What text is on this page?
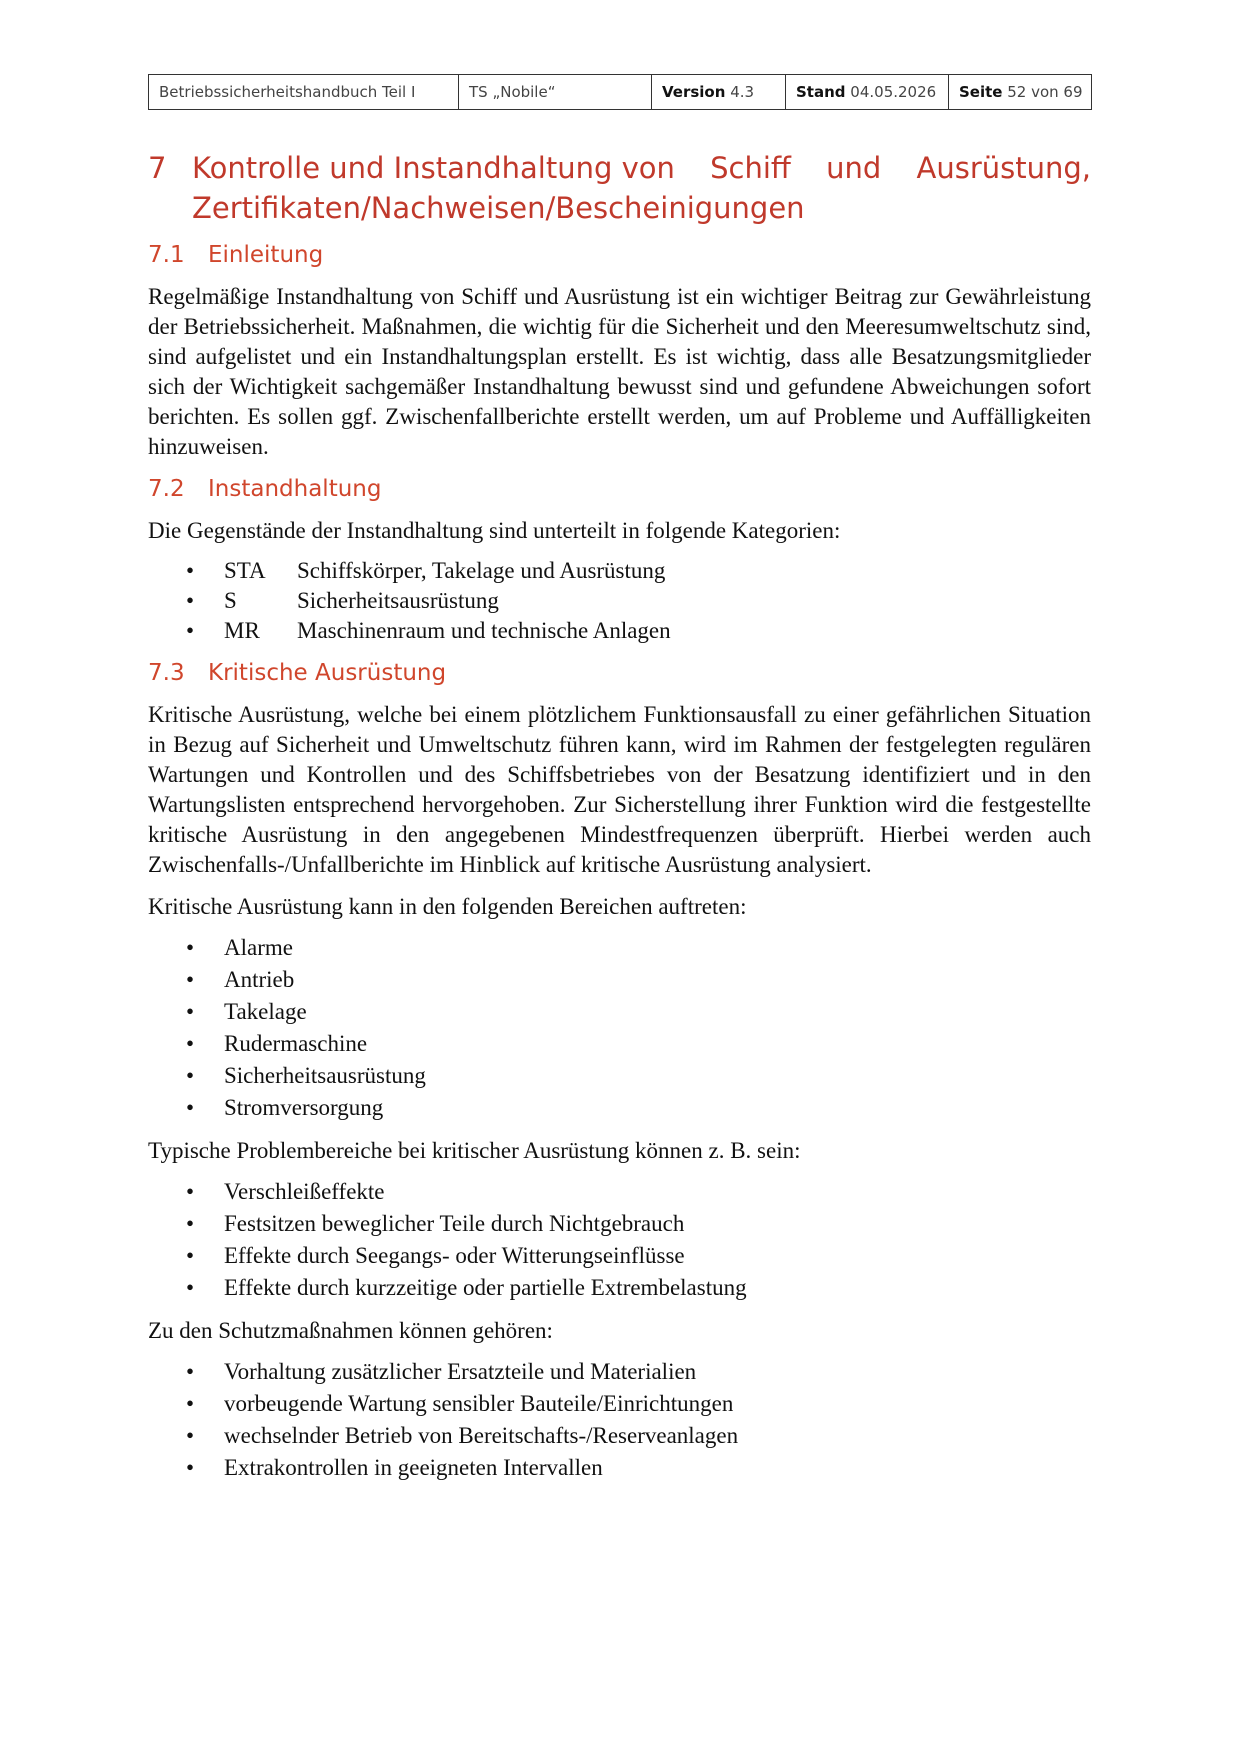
Betriebssicherheitshandbuch Teil I	TS „Nobile“	Version 4.3	Stand 04.05.2026	Seite 52 von 69
7 Kontrolle und Instandhaltung von Schiff und Ausrüstung,
Zertifikaten/Nachweisen/Bescheinigungen
7.1	Einleitung

Regelmäßige Instandhaltung von Schiff und Ausrüstung ist ein wichtiger Beitrag zur Gewährleistung der Betriebssicherheit. Maßnahmen, die wichtig für die Sicherheit und den Meeresumweltschutz sind, sind aufgelistet und ein Instandhaltungsplan erstellt. Es ist wichtig, dass alle Besatzungsmitglieder sich der Wichtigkeit sachgemäßer Instandhaltung bewusst sind und gefundene Abweichungen sofort berichten. Es sollen ggf. Zwischenfallberichte erstellt werden, um auf Probleme und Auffälligkeiten hinzuweisen.

7.2	Instandhaltung

Die Gegenstände der Instandhaltung sind unterteilt in folgende Kategorien:

•	STA	Schiffskörper, Takelage und Ausrüstung
•	S	Sicherheitsausrüstung
•	MR	Maschinenraum und technische Anlagen
7.3	Kritische Ausrüstung

Kritische Ausrüstung, welche bei einem plötzlichem Funktionsausfall zu einer gefährlichen Situation in Bezug auf Sicherheit und Umweltschutz führen kann, wird im Rahmen der festgelegten regulären Wartungen und Kontrollen und des Schiffsbetriebes von der Besatzung identifiziert und in den Wartungslisten entsprechend hervorgehoben. Zur Sicherstellung ihrer Funktion wird die festgestellte kritische Ausrüstung in den angegebenen Mindestfrequenzen überprüft. Hierbei werden auch Zwischenfalls-/Unfallberichte im Hinblick auf kritische Ausrüstung analysiert.

Kritische Ausrüstung kann in den folgenden Bereichen auftreten:

•	Alarme
•	Antrieb
•	Takelage
•	Rudermaschine
•	Sicherheitsausrüstung
•	Stromversorgung

Typische Problembereiche bei kritischer Ausrüstung können z. B. sein:

•	Verschleißeffekte
•	Festsitzen beweglicher Teile durch Nichtgebrauch
•	Effekte durch Seegangs- oder Witterungseinflüsse
•	Effekte durch kurzzeitige oder partielle Extrembelastung

Zu den Schutzmaßnahmen können gehören:

•	Vorhaltung zusätzlicher Ersatzteile und Materialien
•	vorbeugende Wartung sensibler Bauteile/Einrichtungen
•	wechselnder Betrieb von Bereitschafts-/Reserveanlagen
•	Extrakontrollen in geeigneten Intervallen
